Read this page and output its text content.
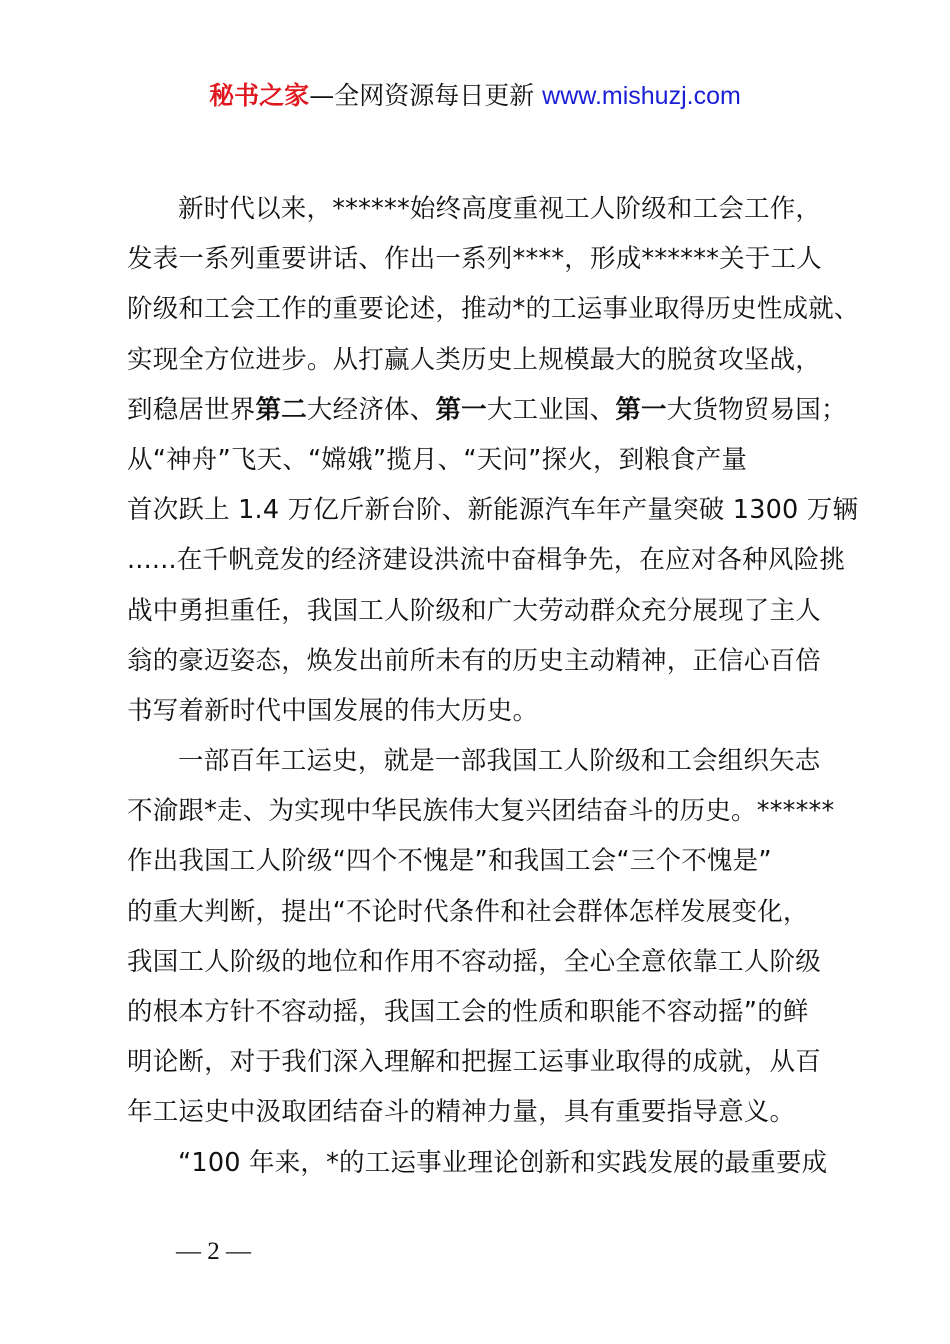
秘书之家—全网资源每日更新 www.mishuzj.com
新时代以来，******始终高度重视工人阶级和工会工作，
发表一系列重要讲话、作出一系列****，形成******关于工人
阶级和工会工作的重要论述，推动*的工运事业取得历史性成就、
实现全方位进步。从打赢人类历史上规模最大的脱贫攻坚战，
到稳居世界第二大经济体、第一大工业国、第一大货物贸易国；
从“神舟”飞天、“嫦娥”揽月、“天问”探火，到粮食产量
首次跃上 1.4 万亿斤新台阶、新能源汽车年产量突破 1300 万辆
......在千帆竞发的经济建设洪流中奋楫争先，在应对各种风险挑
战中勇担重任，我国工人阶级和广大劳动群众充分展现了主人
翁的豪迈姿态，焕发出前所未有的历史主动精神，正信心百倍
书写着新时代中国发展的伟大历史。
一部百年工运史，就是一部我国工人阶级和工会组织矢志
不渝跟*走、为实现中华民族伟大复兴团结奋斗的历史。******
作出我国工人阶级“四个不愧是”和我国工会“三个不愧是”
的重大判断，提出“不论时代条件和社会群体怎样发展变化，
我国工人阶级的地位和作用不容动摇，全心全意依靠工人阶级
的根本方针不容动摇，我国工会的性质和职能不容动摇”的鲜
明论断，对于我们深入理解和把握工运事业取得的成就，从百
年工运史中汲取团结奋斗的精神力量，具有重要指导意义。
“100 年来，*的工运事业理论创新和实践发展的最重要成
— 2 —
